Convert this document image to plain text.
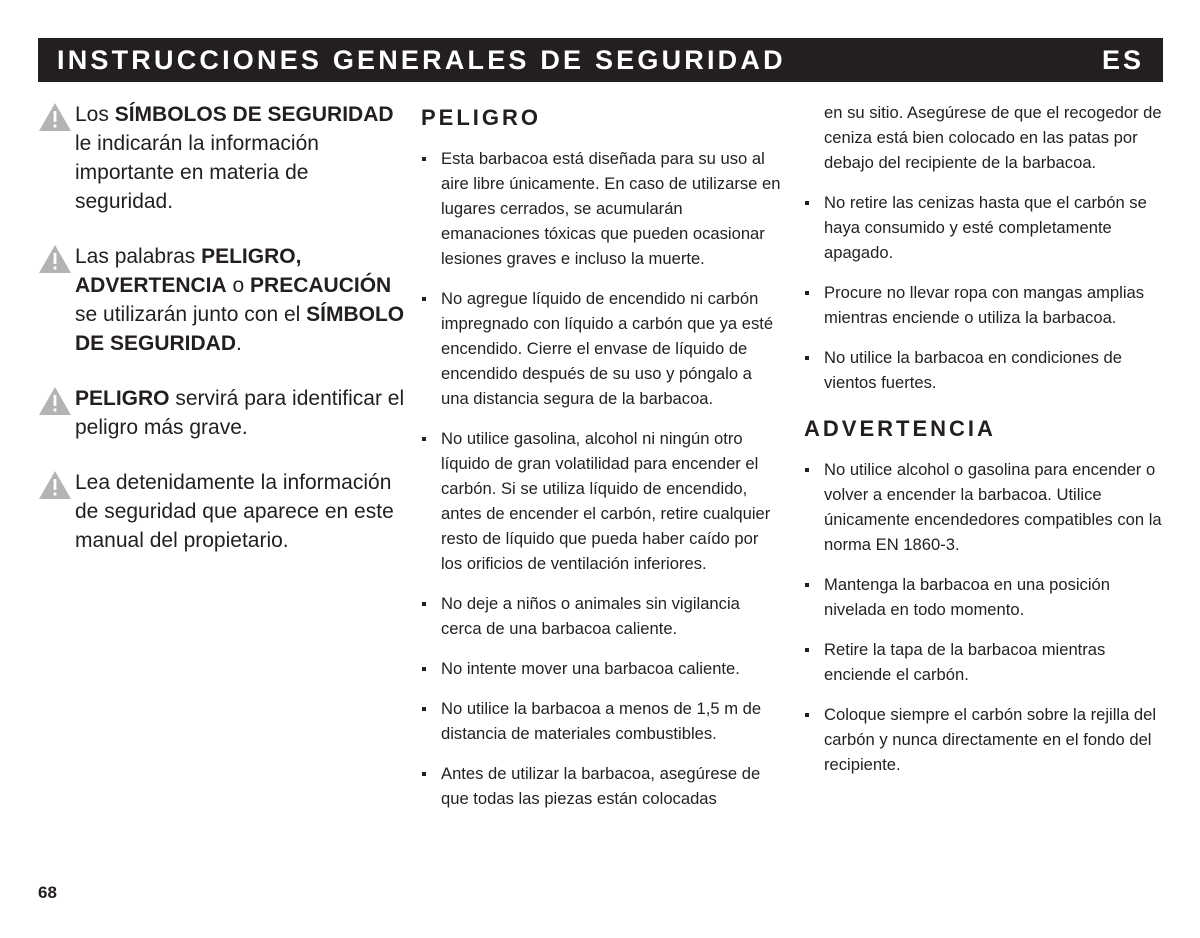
INSTRUCCIONES GENERALES DE SEGURIDAD	ES
Los SÍMBOLOS DE SEGURIDAD le indicarán la información importante en materia de seguridad.
Las palabras PELIGRO, ADVERTENCIA o PRECAUCIÓN se utilizarán junto con el SÍMBOLO DE SEGURIDAD.
PELIGRO servirá para identificar el peligro más grave.
Lea detenidamente la información de seguridad que aparece en este manual del propietario.
PELIGRO
Esta barbacoa está diseñada para su uso al aire libre únicamente. En caso de utilizarse en lugares cerrados, se acumularán emanaciones tóxicas que pueden ocasionar lesiones graves e incluso la muerte.
No agregue líquido de encendido ni carbón impregnado con líquido a carbón que ya esté encendido. Cierre el envase de líquido de encendido después de su uso y póngalo a una distancia segura de la barbacoa.
No utilice gasolina, alcohol ni ningún otro líquido de gran volatilidad para encender el carbón. Si se utiliza líquido de encendido, antes de encender el carbón, retire cualquier resto de líquido que pueda haber caído por los orificios de ventilación inferiores.
No deje a niños o animales sin vigilancia cerca de una barbacoa caliente.
No intente mover una barbacoa caliente.
No utilice la barbacoa a menos de 1,5 m de distancia de materiales combustibles.
Antes de utilizar la barbacoa, asegúrese de que todas las piezas están colocadas

en su sitio. Asegúrese de que el recogedor de ceniza está bien colocado en las patas por debajo del recipiente de la barbacoa.

No retire las cenizas hasta que el carbón se haya consumido y esté completamente apagado.
Procure no llevar ropa con mangas amplias mientras enciende o utiliza la barbacoa.
No utilice la barbacoa en condiciones de vientos fuertes.
ADVERTENCIA
No utilice alcohol o gasolina para encender o volver a encender la barbacoa. Utilice únicamente encendedores compatibles con la norma EN 1860-3.
Mantenga la barbacoa en una posición nivelada en todo momento.
Retire la tapa de la barbacoa mientras enciende el carbón.
Coloque siempre el carbón sobre la rejilla del carbón y nunca directamente en el fondo del recipiente.
68
